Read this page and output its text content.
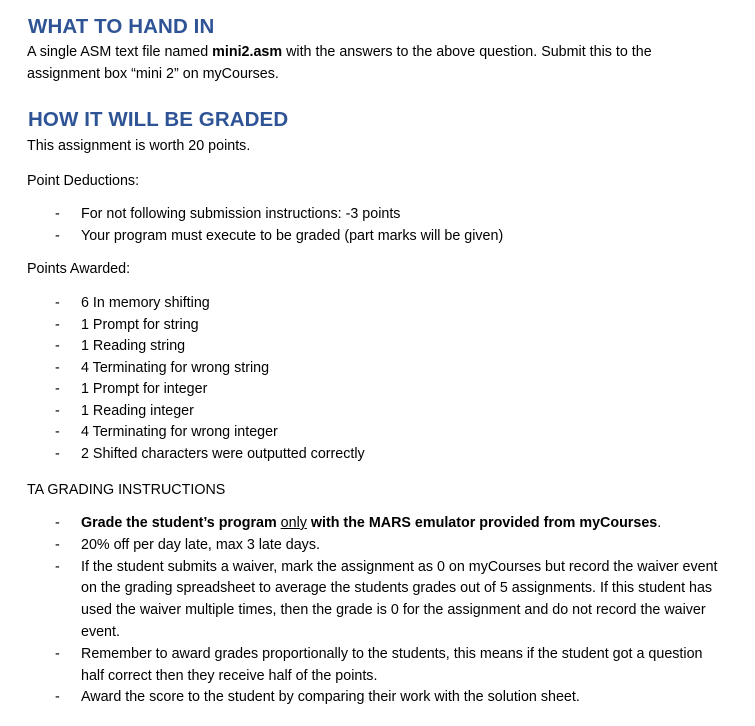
WHAT TO HAND IN

A single ASM text file named mini2.asm with the answers to the above question. Submit this to the assignment box “mini 2” on myCourses.

HOW IT WILL BE GRADED

This assignment is worth 20 points.

Point Deductions:

- For not following submission instructions: -3 points
- Your program must execute to be graded (part marks will be given)

Points Awarded:

- 6 In memory shifting
- 1 Prompt for string
- 1 Reading string
- 4 Terminating for wrong string
- 1 Prompt for integer
- 1 Reading integer
- 4 Terminating for wrong integer
- 2 Shifted characters were outputted correctly

TA GRADING INSTRUCTIONS

- Grade the student’s program only with the MARS emulator provided from myCourses.
- 20% off per day late, max 3 late days.
- If the student submits a waiver, mark the assignment as 0 on myCourses but record the waiver event on the grading spreadsheet to average the students grades out of 5 assignments. If this student has used the waiver multiple times, then the grade is 0 for the assignment and do not record the waiver event.
- Remember to award grades proportionally to the students, this means if the student got a question half correct then they receive half of the points.
- Award the score to the student by comparing their work with the solution sheet.
